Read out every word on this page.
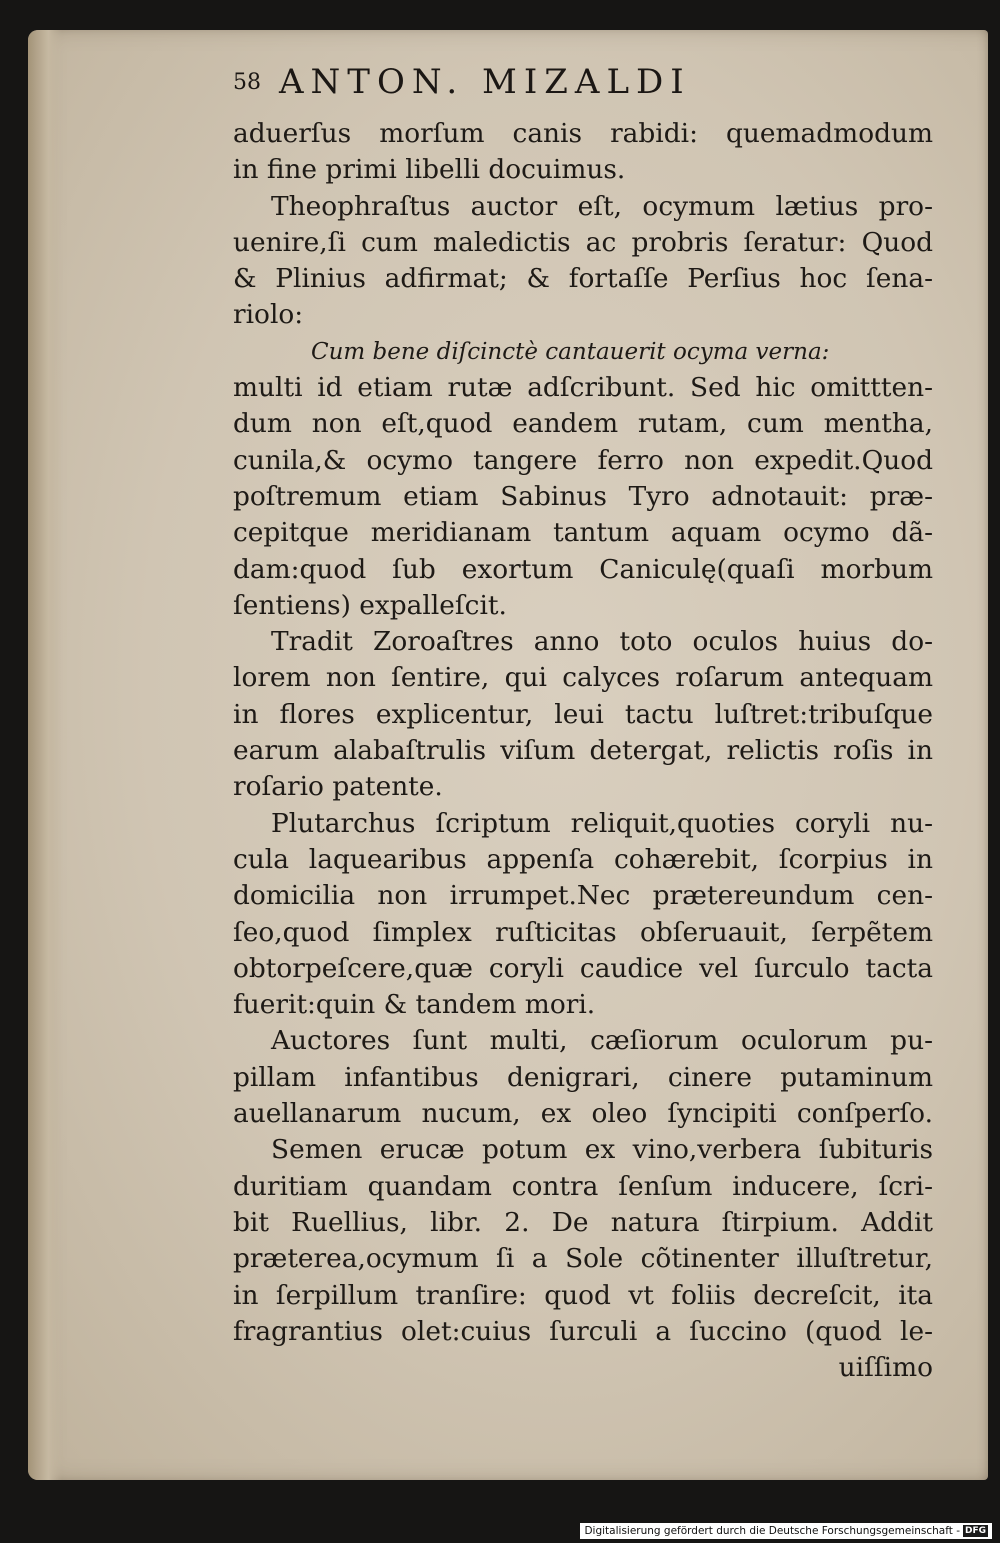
58 ANTON. MIZALDI
aduerſus morſum canis rabidi: quemadmodum
in fine primi libelli docuimus.
Theophraſtus auctor eſt, ocymum lætius pro-
uenire,ſi cum maledictis ac probris ſeratur: Quod
& Plinius adfirmat; & fortaſſe Perſius hoc ſena-
riolo:
Cum bene diſcinctè cantauerit ocyma verna:
multi id etiam rutæ adſcribunt. Sed hic omittten-
dum non eſt,quod eandem rutam, cum mentha,
cunila,& ocymo tangere ferro non expedit.Quod
poſtremum etiam Sabinus Tyro adnotauit: præ-
cepitque meridianam tantum aquam ocymo dã-
dam:quod ſub exortum Caniculę(quaſi morbum
ſentiens) expalleſcit.
Tradit Zoroaſtres anno toto oculos huius do-
lorem non ſentire, qui calyces roſarum antequam
in flores explicentur, leui tactu luſtret:tribuſque
earum alabaſtrulis viſum detergat, relictis roſis in
roſario patente.
Plutarchus ſcriptum reliquit,quoties coryli nu-
cula laquearibus appenſa cohærebit, ſcorpius in
domicilia non irrumpet.Nec prætereundum cen-
ſeo,quod ſimplex ruſticitas obſeruauit, ſerpẽtem
obtorpeſcere,quæ coryli caudice vel ſurculo tacta
fuerit:quin & tandem mori.
Auctores ſunt multi, cæſiorum oculorum pu-
pillam infantibus denigrari, cinere putaminum
auellanarum nucum, ex oleo ſyncipiti conſperſo.
Semen erucæ potum ex vino,verbera ſubituris
duritiam quandam contra ſenſum inducere, ſcri-
bit Ruellius, libr. 2. De natura ſtirpium. Addit
præterea,ocymum ſi a Sole cõtinenter illuſtretur,
in ſerpillum tranſire: quod vt foliis decreſcit, ita
fragrantius olet:cuius ſurculi a ſuccino (quod le-
uiſſimo
Digitalisierung gefördert durch die Deutsche Forschungsgemeinschaft - DFG
